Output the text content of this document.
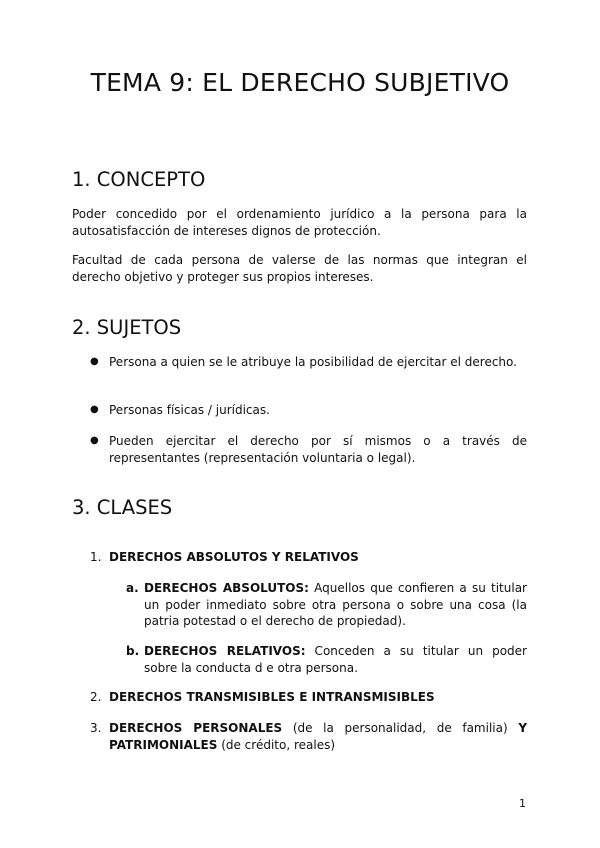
TEMA 9: EL DERECHO SUBJETIVO
1. CONCEPTO

Poder concedido por el ordenamiento jurídico a la persona para la autosatisfacción de intereses dignos de protección.

Facultad de cada persona de valerse de las normas que integran el derecho objetivo y proteger sus propios intereses.

2. SUJETOS
● Persona a quien se le atribuye la posibilidad de ejercitar el derecho.
● Personas físicas / jurídicas.
● Pueden ejercitar el derecho por sí mismos o a través de representantes (representación voluntaria o legal).
3. CLASES
1. DERECHOS ABSOLUTOS Y RELATIVOS
a. DERECHOS ABSOLUTOS: Aquellos que confieren a su titular un poder inmediato sobre otra persona o sobre una cosa (la patria potestad o el derecho de propiedad).
b. DERECHOS RELATIVOS: Conceden a su titular un poder sobre la conducta d e otra persona.
2. DERECHOS TRANSMISIBLES E INTRANSMISIBLES
3. DERECHOS PERSONALES (de la personalidad, de familia) Y PATRIMONIALES (de crédito, reales)
1
